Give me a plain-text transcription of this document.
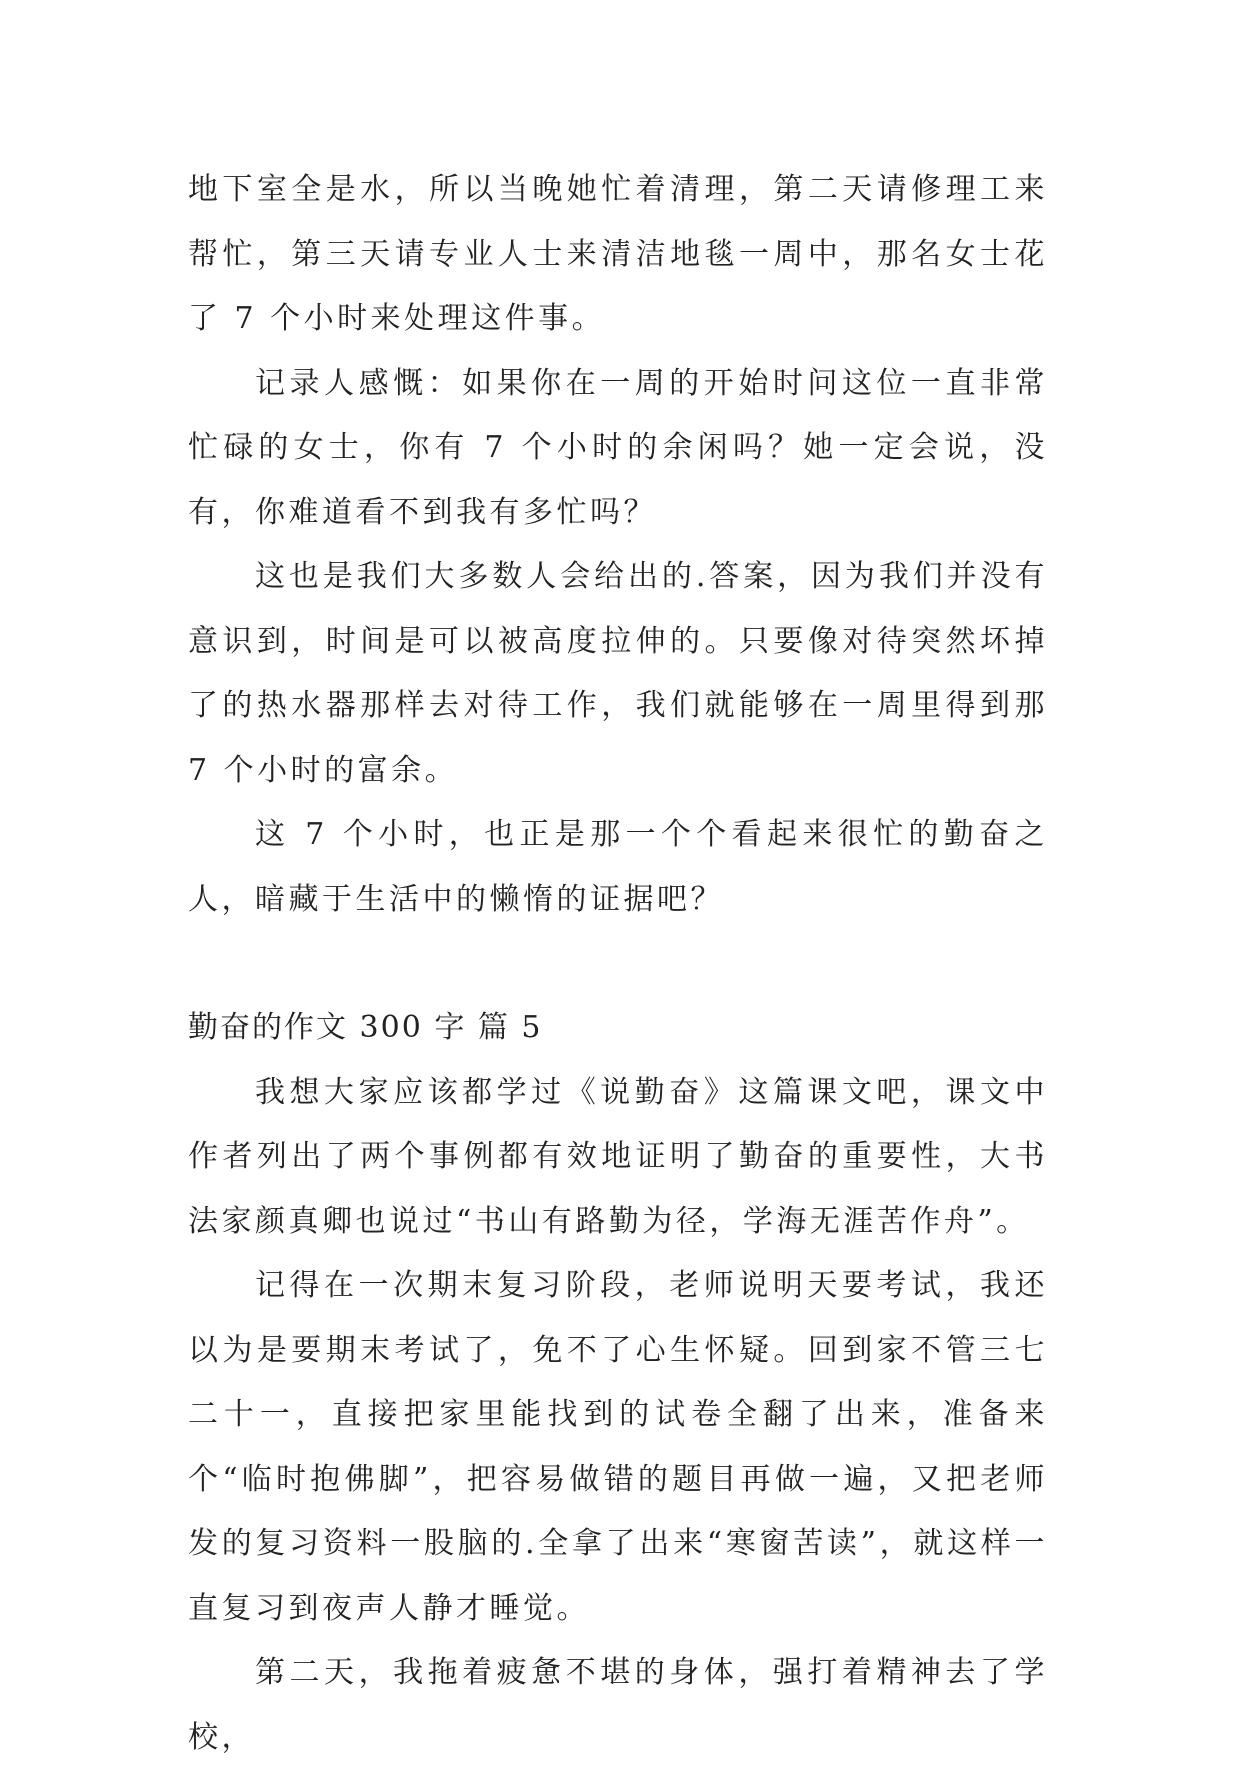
地下室全是水，所以当晚她忙着清理，第二天请修理工来帮忙，第三天请专业人士来清洁地毯一周中，那名女士花了 7 个小时来处理这件事。

记录人感慨：如果你在一周的开始时问这位一直非常忙碌的女士，你有 7 个小时的余闲吗？她一定会说，没有，你难道看不到我有多忙吗？

这也是我们大多数人会给出的.答案，因为我们并没有意识到，时间是可以被高度拉伸的。只要像对待突然坏掉了的热水器那样去对待工作，我们就能够在一周里得到那 7 个小时的富余。

这 7 个小时，也正是那一个个看起来很忙的勤奋之人，暗藏于生活中的懒惰的证据吧？

勤奋的作文 300 字 篇 5

我想大家应该都学过《说勤奋》这篇课文吧，课文中作者列出了两个事例都有效地证明了勤奋的重要性，大书法家颜真卿也说过“书山有路勤为径，学海无涯苦作舟”。

记得在一次期末复习阶段，老师说明天要考试，我还以为是要期末考试了，免不了心生怀疑。回到家不管三七二十一，直接把家里能找到的试卷全翻了出来，准备来个“临时抱佛脚”，把容易做错的题目再做一遍，又把老师发的复习资料一股脑的.全拿了出来“寒窗苦读”，就这样一直复习到夜声人静才睡觉。

第二天，我拖着疲惫不堪的身体，强打着精神去了学校，
